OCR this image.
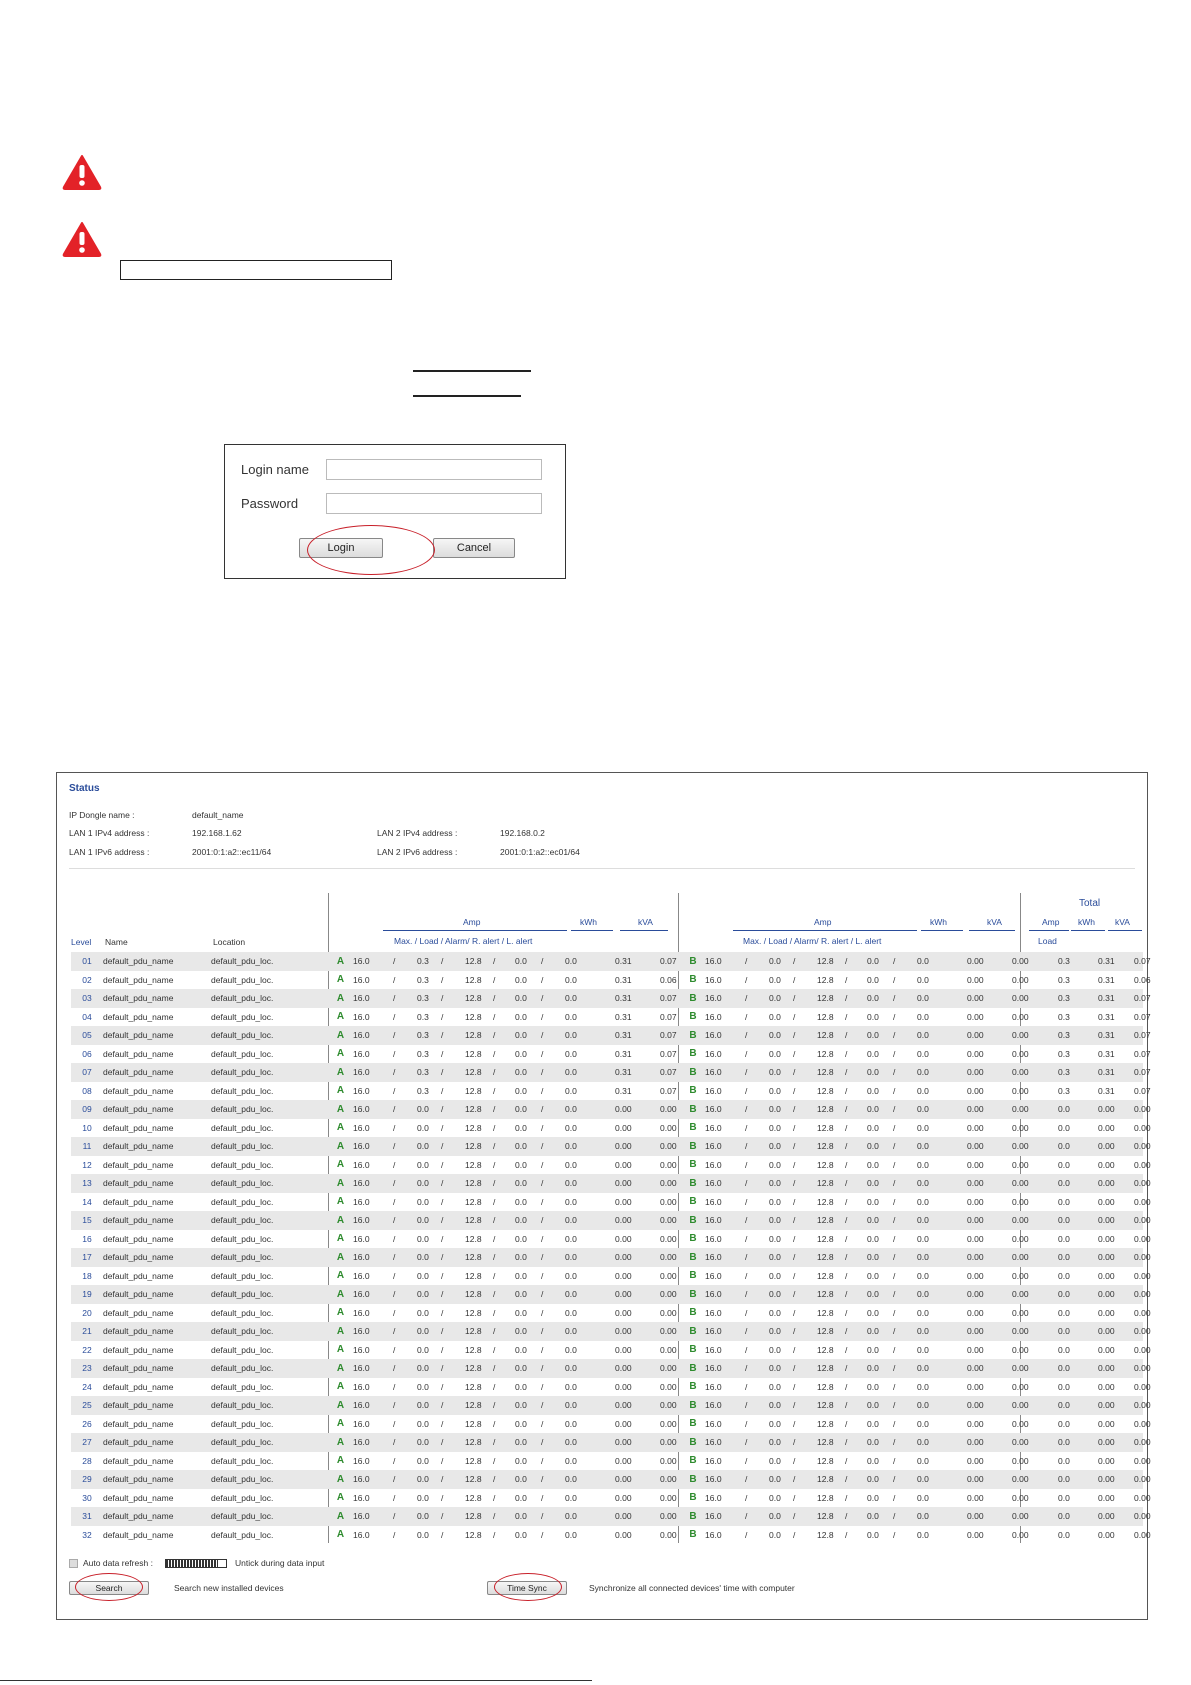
Login name
Password
Login	Cancel
Status
IP Dongle name :	default_name
LAN 1 IPv4 address :	192.168.1.62
LAN 1 IPv6 address :	2001:0:1:a2::ec11/64
LAN 2 IPv4 address :	192.168.0.2
LAN 2 IPv6 address :	2001:0:1:a2::ec01/64
Amp	kWh	kVA
Max. / Load / Alarm/ R. alert / L. alert
Amp	kWh	kVA
Max. / Load / Alarm/ R. alert / L. alert
Total
Amp kWh kVA
Load
Level Name	Location
01	default_pdu_name	default_pdu_loc.	A	16.0	/	0.3	/	12.8	/	0.0	/	0.0	0.31	0.07	B	16.0	/	0.0	/	12.8	/	0.0	/	0.0	0.00	0.00	0.3	0.31	0.07
02	default_pdu_name	default_pdu_loc.	A	16.0	/	0.3	/	12.8	/	0.0	/	0.0	0.31	0.06	B	16.0	/	0.0	/	12.8	/	0.0	/	0.0	0.00	0.00	0.3	0.31	0.06
03	default_pdu_name	default_pdu_loc.	A	16.0	/	0.3	/	12.8	/	0.0	/	0.0	0.31	0.07	B	16.0	/	0.0	/	12.8	/	0.0	/	0.0	0.00	0.00	0.3	0.31	0.07
04	default_pdu_name	default_pdu_loc.	A	16.0	/	0.3	/	12.8	/	0.0	/	0.0	0.31	0.07	B	16.0	/	0.0	/	12.8	/	0.0	/	0.0	0.00	0.00	0.3	0.31	0.07
05	default_pdu_name	default_pdu_loc.	A	16.0	/	0.3	/	12.8	/	0.0	/	0.0	0.31	0.07	B	16.0	/	0.0	/	12.8	/	0.0	/	0.0	0.00	0.00	0.3	0.31	0.07
06	default_pdu_name	default_pdu_loc.	A	16.0	/	0.3	/	12.8	/	0.0	/	0.0	0.31	0.07	B	16.0	/	0.0	/	12.8	/	0.0	/	0.0	0.00	0.00	0.3	0.31	0.07
07	default_pdu_name	default_pdu_loc.	A	16.0	/	0.3	/	12.8	/	0.0	/	0.0	0.31	0.07	B	16.0	/	0.0	/	12.8	/	0.0	/	0.0	0.00	0.00	0.3	0.31	0.07
08	default_pdu_name	default_pdu_loc.	A	16.0	/	0.3	/	12.8	/	0.0	/	0.0	0.31	0.07	B	16.0	/	0.0	/	12.8	/	0.0	/	0.0	0.00	0.00	0.3	0.31	0.07
09	default_pdu_name	default_pdu_loc.	A	16.0	/	0.0	/	12.8	/	0.0	/	0.0	0.00	0.00	B	16.0	/	0.0	/	12.8	/	0.0	/	0.0	0.00	0.00	0.0	0.00	0.00
10	default_pdu_name	default_pdu_loc.	A	16.0	/	0.0	/	12.8	/	0.0	/	0.0	0.00	0.00	B	16.0	/	0.0	/	12.8	/	0.0	/	0.0	0.00	0.00	0.0	0.00	0.00
11	default_pdu_name	default_pdu_loc.	A	16.0	/	0.0	/	12.8	/	0.0	/	0.0	0.00	0.00	B	16.0	/	0.0	/	12.8	/	0.0	/	0.0	0.00	0.00	0.0	0.00	0.00
12	default_pdu_name	default_pdu_loc.	A	16.0	/	0.0	/	12.8	/	0.0	/	0.0	0.00	0.00	B	16.0	/	0.0	/	12.8	/	0.0	/	0.0	0.00	0.00	0.0	0.00	0.00
13	default_pdu_name	default_pdu_loc.	A	16.0	/	0.0	/	12.8	/	0.0	/	0.0	0.00	0.00	B	16.0	/	0.0	/	12.8	/	0.0	/	0.0	0.00	0.00	0.0	0.00	0.00
14	default_pdu_name	default_pdu_loc.	A	16.0	/	0.0	/	12.8	/	0.0	/	0.0	0.00	0.00	B	16.0	/	0.0	/	12.8	/	0.0	/	0.0	0.00	0.00	0.0	0.00	0.00
15	default_pdu_name	default_pdu_loc.	A	16.0	/	0.0	/	12.8	/	0.0	/	0.0	0.00	0.00	B	16.0	/	0.0	/	12.8	/	0.0	/	0.0	0.00	0.00	0.0	0.00	0.00
16	default_pdu_name	default_pdu_loc.	A	16.0	/	0.0	/	12.8	/	0.0	/	0.0	0.00	0.00	B	16.0	/	0.0	/	12.8	/	0.0	/	0.0	0.00	0.00	0.0	0.00	0.00
17	default_pdu_name	default_pdu_loc.	A	16.0	/	0.0	/	12.8	/	0.0	/	0.0	0.00	0.00	B	16.0	/	0.0	/	12.8	/	0.0	/	0.0	0.00	0.00	0.0	0.00	0.00
18	default_pdu_name	default_pdu_loc.	A	16.0	/	0.0	/	12.8	/	0.0	/	0.0	0.00	0.00	B	16.0	/	0.0	/	12.8	/	0.0	/	0.0	0.00	0.00	0.0	0.00	0.00
19	default_pdu_name	default_pdu_loc.	A	16.0	/	0.0	/	12.8	/	0.0	/	0.0	0.00	0.00	B	16.0	/	0.0	/	12.8	/	0.0	/	0.0	0.00	0.00	0.0	0.00	0.00
20	default_pdu_name	default_pdu_loc.	A	16.0	/	0.0	/	12.8	/	0.0	/	0.0	0.00	0.00	B	16.0	/	0.0	/	12.8	/	0.0	/	0.0	0.00	0.00	0.0	0.00	0.00
21	default_pdu_name	default_pdu_loc.	A	16.0	/	0.0	/	12.8	/	0.0	/	0.0	0.00	0.00	B	16.0	/	0.0	/	12.8	/	0.0	/	0.0	0.00	0.00	0.0	0.00	0.00
22	default_pdu_name	default_pdu_loc.	A	16.0	/	0.0	/	12.8	/	0.0	/	0.0	0.00	0.00	B	16.0	/	0.0	/	12.8	/	0.0	/	0.0	0.00	0.00	0.0	0.00	0.00
23	default_pdu_name	default_pdu_loc.	A	16.0	/	0.0	/	12.8	/	0.0	/	0.0	0.00	0.00	B	16.0	/	0.0	/	12.8	/	0.0	/	0.0	0.00	0.00	0.0	0.00	0.00
24	default_pdu_name	default_pdu_loc.	A	16.0	/	0.0	/	12.8	/	0.0	/	0.0	0.00	0.00	B	16.0	/	0.0	/	12.8	/	0.0	/	0.0	0.00	0.00	0.0	0.00	0.00
25	default_pdu_name	default_pdu_loc.	A	16.0	/	0.0	/	12.8	/	0.0	/	0.0	0.00	0.00	B	16.0	/	0.0	/	12.8	/	0.0	/	0.0	0.00	0.00	0.0	0.00	0.00
26	default_pdu_name	default_pdu_loc.	A	16.0	/	0.0	/	12.8	/	0.0	/	0.0	0.00	0.00	B	16.0	/	0.0	/	12.8	/	0.0	/	0.0	0.00	0.00	0.0	0.00	0.00
27	default_pdu_name	default_pdu_loc.	A	16.0	/	0.0	/	12.8	/	0.0	/	0.0	0.00	0.00	B	16.0	/	0.0	/	12.8	/	0.0	/	0.0	0.00	0.00	0.0	0.00	0.00
28	default_pdu_name	default_pdu_loc.	A	16.0	/	0.0	/	12.8	/	0.0	/	0.0	0.00	0.00	B	16.0	/	0.0	/	12.8	/	0.0	/	0.0	0.00	0.00	0.0	0.00	0.00
29	default_pdu_name	default_pdu_loc.	A	16.0	/	0.0	/	12.8	/	0.0	/	0.0	0.00	0.00	B	16.0	/	0.0	/	12.8	/	0.0	/	0.0	0.00	0.00	0.0	0.00	0.00
30	default_pdu_name	default_pdu_loc.	A	16.0	/	0.0	/	12.8	/	0.0	/	0.0	0.00	0.00	B	16.0	/	0.0	/	12.8	/	0.0	/	0.0	0.00	0.00	0.0	0.00	0.00
31	default_pdu_name	default_pdu_loc.	A	16.0	/	0.0	/	12.8	/	0.0	/	0.0	0.00	0.00	B	16.0	/	0.0	/	12.8	/	0.0	/	0.0	0.00	0.00	0.0	0.00	0.00
32	default_pdu_name	default_pdu_loc.	A	16.0	/	0.0	/	12.8	/	0.0	/	0.0	0.00	0.00	B	16.0	/	0.0	/	12.8	/	0.0	/	0.0	0.00	0.00	0.0	0.00	0.00
Auto data refresh :	Untick during data input
Search	Search new installed devices	Time Sync	Synchronize all connected devices' time with computer
